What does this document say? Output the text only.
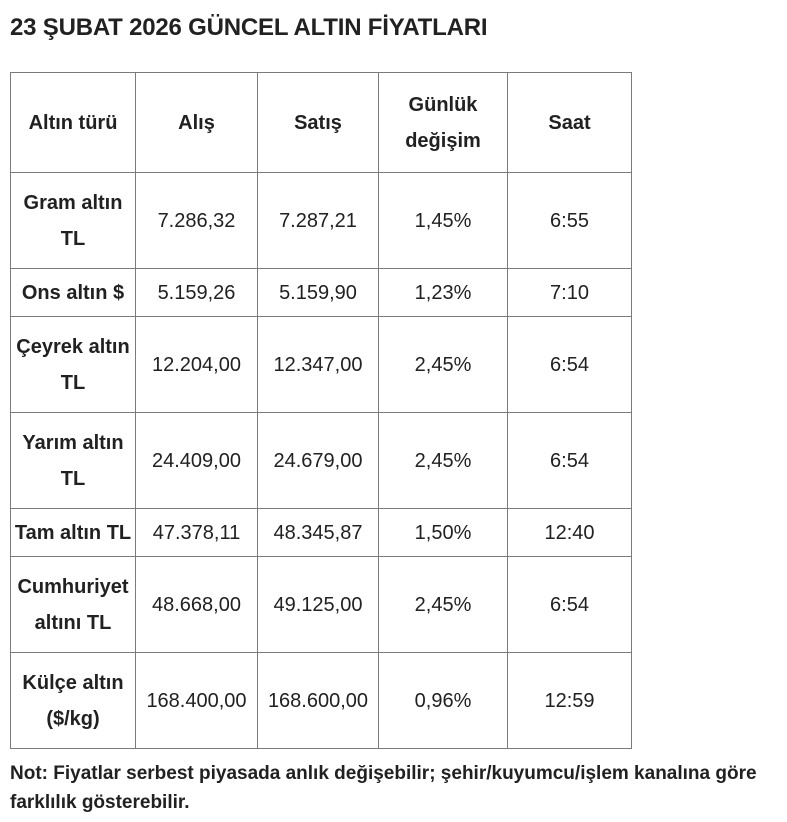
23 ŞUBAT 2026 GÜNCEL ALTIN FİYATLARI
Altın türü	Alış	Satış	Günlük değişim	Saat
Gram altın TL	7.286,32	7.287,21	1,45%	6:55
Ons altın $	5.159,26	5.159,90	1,23%	7:10
Çeyrek altın TL	12.204,00	12.347,00	2,45%	6:54
Yarım altın TL	24.409,00	24.679,00	2,45%	6:54
Tam altın TL	47.378,11	48.345,87	1,50%	12:40
Cumhuriyet altını TL	48.668,00	49.125,00	2,45%	6:54
Külçe altın ($/kg)	168.400,00	168.600,00	0,96%	12:59

Not: Fiyatlar serbest piyasada anlık değişebilir; şehir/kuyumcu/işlem kanalına göre farklılık gösterebilir.
